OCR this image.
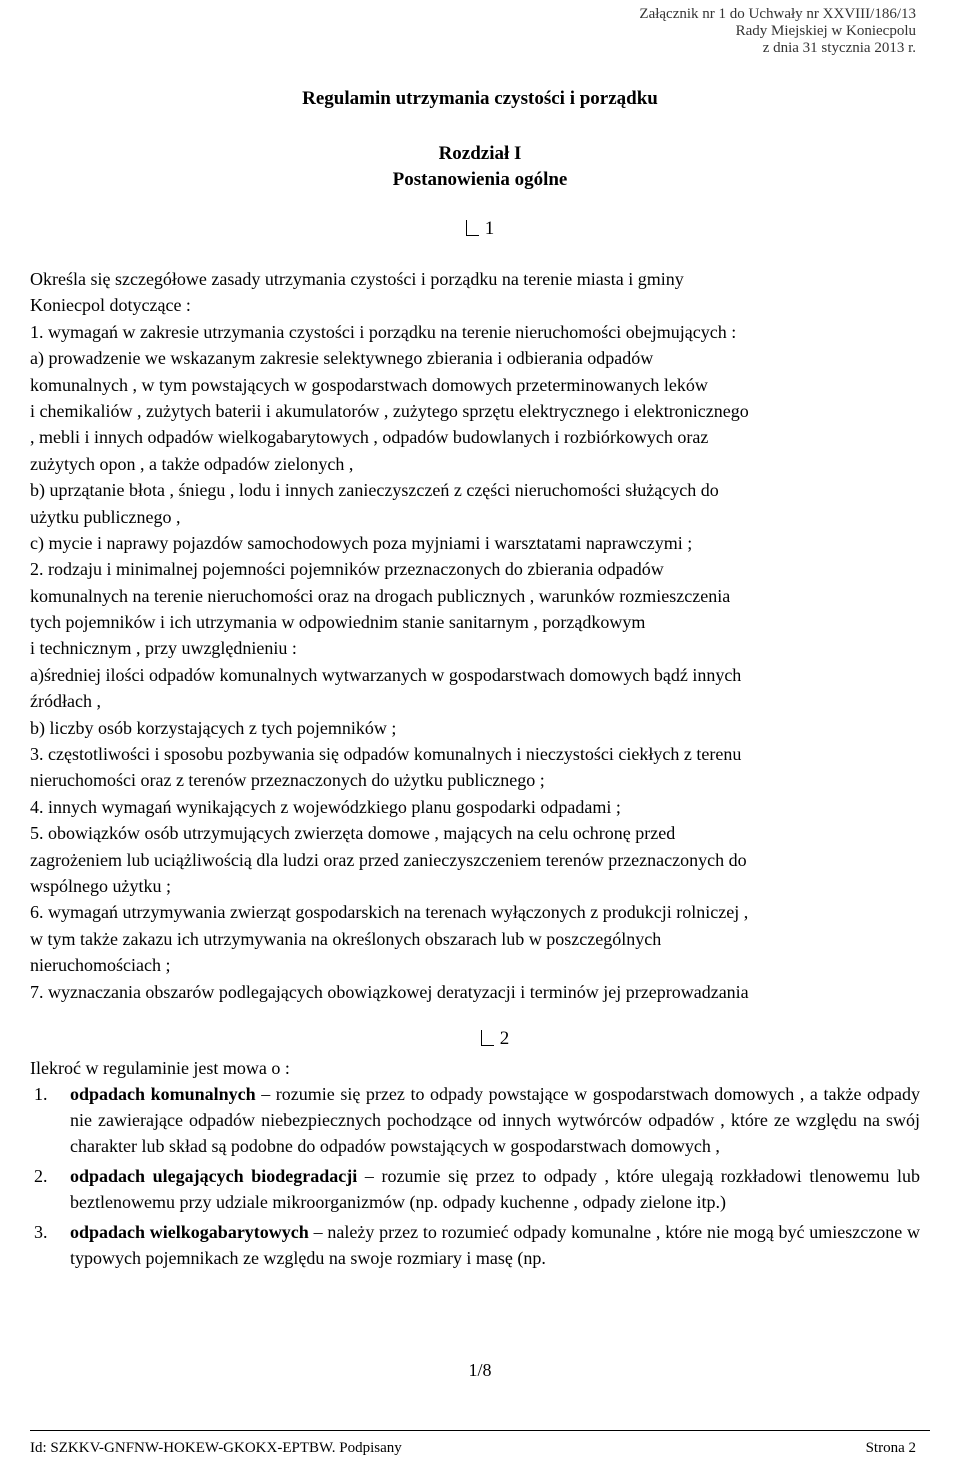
Załącznik nr 1 do Uchwały nr XXVIII/186/13
Rady Miejskiej w Koniecpolu
z dnia 31 stycznia 2013 r.
Regulamin utrzymania czystości i porządku
Rozdział I
Postanowienia ogólne
1
Określa się szczegółowe zasady utrzymania czystości i porządku na terenie miasta i gminy
Koniecpol dotyczące :
1. wymagań w zakresie utrzymania czystości i porządku na terenie nieruchomości obejmujących :
a) prowadzenie we wskazanym zakresie selektywnego zbierania i odbierania odpadów
komunalnych , w tym powstających w gospodarstwach domowych przeterminowanych leków
i chemikaliów , zużytych baterii i akumulatorów , zużytego sprzętu elektrycznego i elektronicznego
, mebli i innych odpadów wielkogabarytowych , odpadów budowlanych i rozbiórkowych oraz
zużytych opon , a także odpadów zielonych ,
b) uprzątanie błota , śniegu , lodu i innych zanieczyszczeń z części nieruchomości służących do
użytku publicznego ,
c) mycie i naprawy pojazdów samochodowych poza myjniami i warsztatami naprawczymi ;
2. rodzaju i minimalnej pojemności pojemników przeznaczonych do zbierania odpadów
komunalnych na terenie nieruchomości oraz na drogach publicznych , warunków rozmieszczenia
tych pojemników i ich utrzymania w odpowiednim stanie sanitarnym , porządkowym
i technicznym , przy uwzględnieniu :
a)średniej ilości odpadów komunalnych wytwarzanych w gospodarstwach domowych bądź innych
źródłach ,
b) liczby osób korzystających z tych pojemników ;
3. częstotliwości i sposobu pozbywania się odpadów komunalnych i nieczystości ciekłych z terenu
nieruchomości oraz z terenów przeznaczonych do użytku publicznego ;
4. innych wymagań wynikających z wojewódzkiego planu gospodarki odpadami ;
5. obowiązków osób utrzymujących zwierzęta domowe , mających na celu ochronę przed
zagrożeniem lub uciążliwością dla ludzi oraz przed zanieczyszczeniem terenów przeznaczonych do
wspólnego użytku ;
6. wymagań utrzymywania zwierząt gospodarskich na terenach wyłączonych z produkcji rolniczej ,
w tym także zakazu ich utrzymywania na określonych obszarach lub w poszczególnych
nieruchomościach ;
7. wyznaczania obszarów podlegających obowiązkowej deratyzacji i terminów jej przeprowadzania
2
Ilekroć w regulaminie jest mowa o :
1.	odpadach komunalnych – rozumie się przez to odpady powstające w gospodarstwach domowych , a także odpady nie zawierające odpadów niebezpiecznych pochodzące od innych wytwórców odpadów , które ze względu na swój charakter lub skład są podobne do odpadów powstających w gospodarstwach domowych ,
2.	odpadach ulegających biodegradacji – rozumie się przez to odpady , które ulegają rozkładowi tlenowemu lub beztlenowemu przy udziale mikroorganizmów (np. odpady kuchenne , odpady zielone itp.)
3.	odpadach wielkogabarytowych – należy przez to rozumieć odpady komunalne , które nie mogą być umieszczone w typowych pojemnikach ze względu na swoje rozmiary i masę (np.
1/8
Id: SZKKV-GNFNW-HOKEW-GKOKX-EPTBW. Podpisany	Strona 2
